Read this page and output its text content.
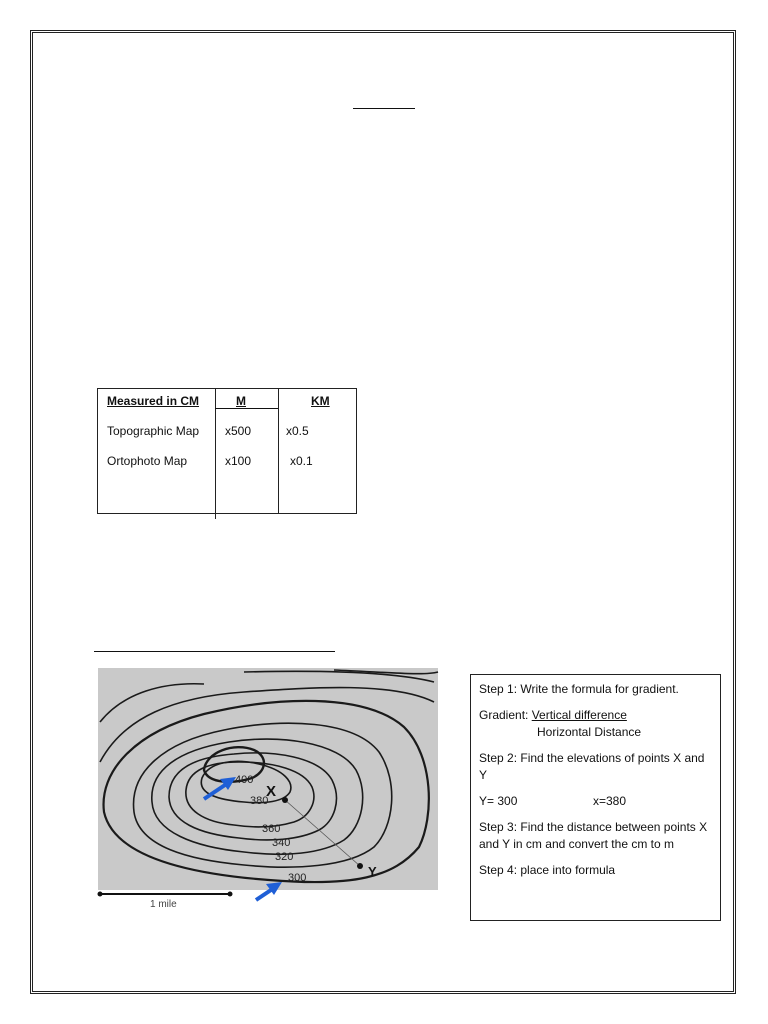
Measured in CM	M	KM
Topographic Map x500	x0.5
Ortophoto Map	x100	x0.1
400
380
360
340
320
300
X
Y
1 mile

Step 1: Write the formula for gradient.

Gradient: Vertical difference
Horizontal Distance

Step 2: Find the elevations of points X and Y

Y= 300	x=380

Step 3: Find the distance between points X and Y in cm and convert the cm to m

Step 4: place into formula
